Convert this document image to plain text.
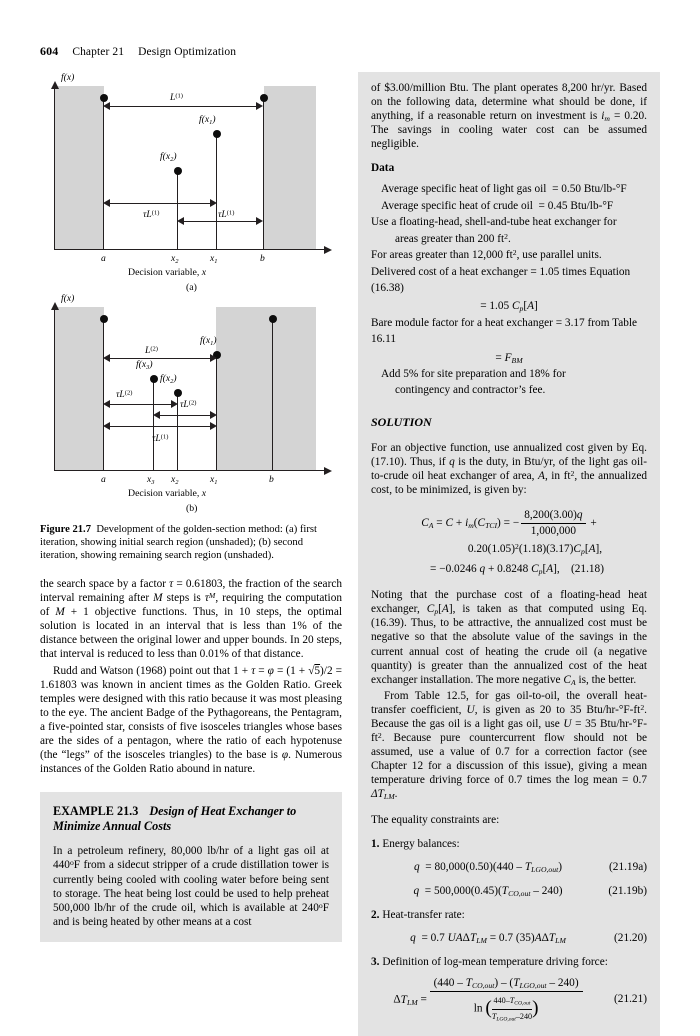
604 Chapter 21 Design Optimization
f(x)
$L^{(1)}$
$f(x_1)$
$f(x_2)$
$\tau L^{(1)}$	$\tau L^{(1)}$
a	$x_2$	$x_1$	b
Decision variable, x
(a)
f(x)
$f(x_1)$
$f(x_3)$
$f(x_2)$
$L^{(2)}$
$\tau L^{(2)}$
$\tau L^{(2)}$
$\tau L^{(1)}$
a	$x_3$ $x_2$	$x_1$	b
Decision variable, x
(b)

Figure 21.7 Development of the golden-section method: (a) first iteration, showing initial search region (unshaded); (b) second iteration, showing remaining search region (unshaded).

the search space by a factor τ = 0.61803, the fraction of the search interval remaining after M steps is $\tau^M$, requiring the computation of M + 1 objective functions. Thus, in 10 steps, the optimal solution is located in an interval that is less than 1% of the distance between the original lower and upper bounds. In 20 steps, that interval is reduced to less than 0.01% of that distance.

Rudd and Watson (1968) point out that 1 + τ = φ = (1 + √5)/2 = 1.61803 was known in ancient times as the Golden Ratio. Greek temples were designed with this ratio because it was most pleasing to the eye. The ancient Badge of the Pythagoreans, the Pentagram, a five-pointed star, consists of five isosceles triangles whose bases are the sides of a pentagon, where the ratio of each hypotenuse (the “legs” of the isosceles triangles) to the base is φ. Numerous instances of the Golden Ratio abound in nature.

EXAMPLE 21.3 Design of Heat Exchanger to Minimize Annual Costs

In a petroleum refinery, 80,000 lb/hr of a light gas oil at 440$^o$F from a sidecut stripper of a crude distillation tower is currently being cooled with cooling water before being sent to storage. The heat being lost could be used to help preheat 500,000 lb/hr of the crude oil, which is available at 240$^o$F and is being heated by other means at a cost

of $3.00/million Btu. The plant operates 8,200 hr/yr. Based on the following data, determine what should be done, if anything, if a reasonable return on investment is $i_m = 0.20$. The savings in cooling water cost can be assumed negligible.

Data

Average specific heat of light gas oil  = 0.50 Btu/lb-°F
Average specific heat of crude oil  = 0.45 Btu/lb-°F
Use a floating-head, shell-and-tube heat exchanger for
areas greater than 200 $ft^2$.
For areas greater than 12,000 $ft^2$, use parallel units.
Delivered cost of a heat exchanger = 1.05 times Equation (16.38)
= 1.05 $C_p[A]$
Bare module factor for a heat exchanger = 3.17 from Table 16.11
= $F_{BM}$
Add 5% for site preparation and 18% for
contingency and contractor’s fee.

SOLUTION

For an objective function, use annualized cost given by Eq. (17.10). Thus, if q is the duty, in Btu/yr, of the light gas oil-to-crude oil heat exchanger of area, A, in $ft^2$, the annualized cost, to be minimized, is given by:

$C_A = C + i_m(C_{TCI})$ = − $\frac{8,200(3.00)q}{1,000,000}$ +
$0.20(1.05)^2(1.18)(3.17)C_p[A]$,
= −0.0246 q + 0.8248 $C_p[A]$,    (21.18)

Noting that the purchase cost of a floating-head heat exchanger, $C_p[A]$, is taken as that computed using Eq. (16.39). Thus, to be attractive, the annualized cost must be negative so that the absolute value of the savings in the current annual cost of heating the crude oil (a negative quantity) is greater than the annualized cost of the heat exchanger installation. The more negative $C_A$ is, the better.

From Table 12.5, for gas oil-to-oil, the overall heat-transfer coefficient, U, is given as 20 to 35 Btu/$hr-^\circ F-ft^2$. Because the gas oil is a light gas oil, use U = 35 Btu/$hr-^\circ F-ft^2$. Because pure countercurrent flow should not be assumed, use a value of 0.7 for a correction factor (see Chapter 12 for a discussion of this issue), giving a mean temperature driving force of 0.7 times the log mean = 0.7 $\Delta T_{LM}$.

The equality constraints are:

1. Energy balances:
$q = 80,000(0.50)(440 - T_{LGO,out})$	(21.19a)
$q = 500,000(0.45)(T_{CO,out} - 240)$	(21.19b)
2. Heat-transfer rate:
q  = 0.7 $UA\Delta T_{LM} = 0.7$ $(35)A\Delta T_{LM}$	(21.20)
3. Definition of log-mean temperature driving force:
$\Delta T_{LM} = \frac{(440 - T_{CO,out}) - (T_{LGO,out} - 240)}{\ln ( \frac{440-T_{CO,out}}{T_{LGO,out}-240} )}$	(21.21)
